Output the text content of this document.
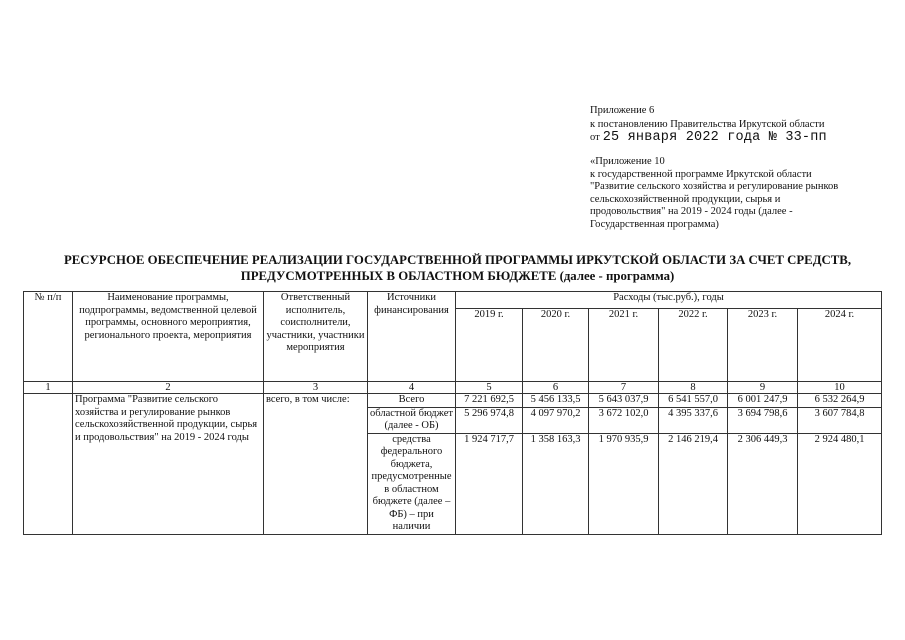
Приложение 6
к постановлению Правительства Иркутской области
от 25 января 2022 года № 33-пп
«Приложение 10
к государственной программе Иркутской области
"Развитие сельского хозяйства и регулирование рынков
сельскохозяйственной продукции, сырья и
продовольствия" на 2019 - 2024 годы (далее -
Государственная программа)
РЕСУРСНОЕ ОБЕСПЕЧЕНИЕ РЕАЛИЗАЦИИ ГОСУДАРСТВЕННОЙ ПРОГРАММЫ ИРКУТСКОЙ ОБЛАСТИ ЗА СЧЕТ СРЕДСТВ,
ПРЕДУСМОТРЕННЫХ В ОБЛАСТНОМ БЮДЖЕТЕ (далее - программа)
№ п/п	Наименование программы, подпрограммы, ведомственной целевой программы, основного мероприятия, регионального проекта, мероприятия	Ответственный исполнитель, соисполнители, участники, участники мероприятия	Источники финансирования	Расходы (тыс.руб.), годы					
				2019 г.	2020 г.	2021 г.	2022 г.	2023 г.	2024 г.
1	2	3	4	5	6	7	8	9	10
	Программа "Развитие сельского хозяйства и регулирование рынков сельскохозяйственной продукции, сырья и продовольствия" на 2019 - 2024 годы	всего, в том числе:	Всего	7 221 692,5	5 456 133,5	5 643 037,9	6 541 557,0	6 001 247,9	6 532 264,9
			областной бюджет (далее - ОБ)	5 296 974,8	4 097 970,2	3 672 102,0	4 395 337,6	3 694 798,6	3 607 784,8
			средства федерального бюджета, предусмотренные в областном бюджете (далее – ФБ) – при наличии	1 924 717,7	1 358 163,3	1 970 935,9	2 146 219,4	2 306 449,3	2 924 480,1
